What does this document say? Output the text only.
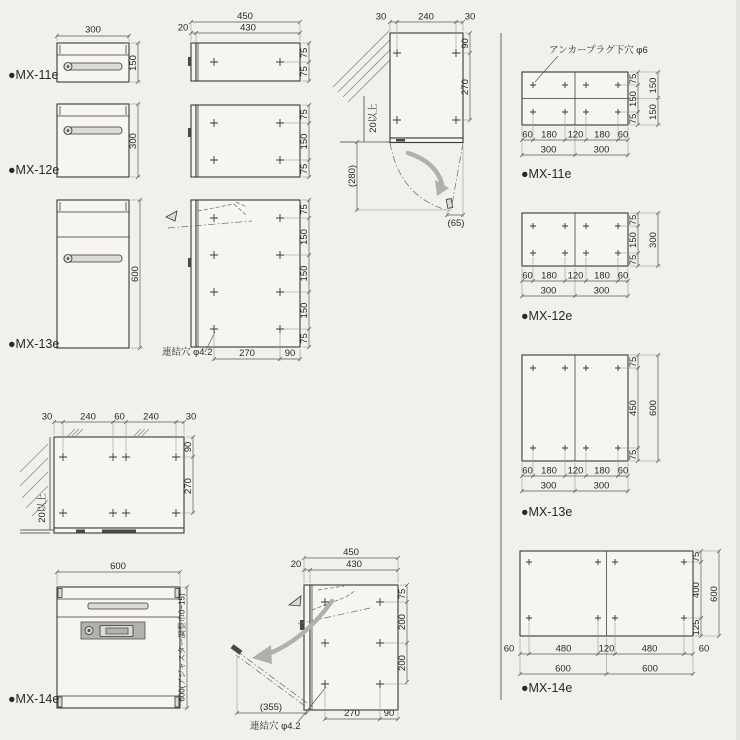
300
150
●MX-11e
300
●MX-12e
600
●MX-13e
450
20	430
75
75
75
150
75
75
150
150
150
75
270	90
連結穴 φ4.2
30	240	30
90
270
20以上
(280)
(65)
30	240 60 240	30
90
270
20以上
600
600(アジャスター調整巾0~15)
●MX-14e
450
20	430
75
200
200
270	90
(355)
連結穴 φ4.2
アンカープラグ下穴 φ6
75
150
75
150
150
60 180 120 180 60
300	300
●MX-11e
75
150
75
300
60 180 120 180 60
300	300
●MX-12e
75
450
75
600
60 180 120 180 60
300	300
●MX-13e
75
400
125
600
60	480	120	480	60
600	600
●MX-14e
